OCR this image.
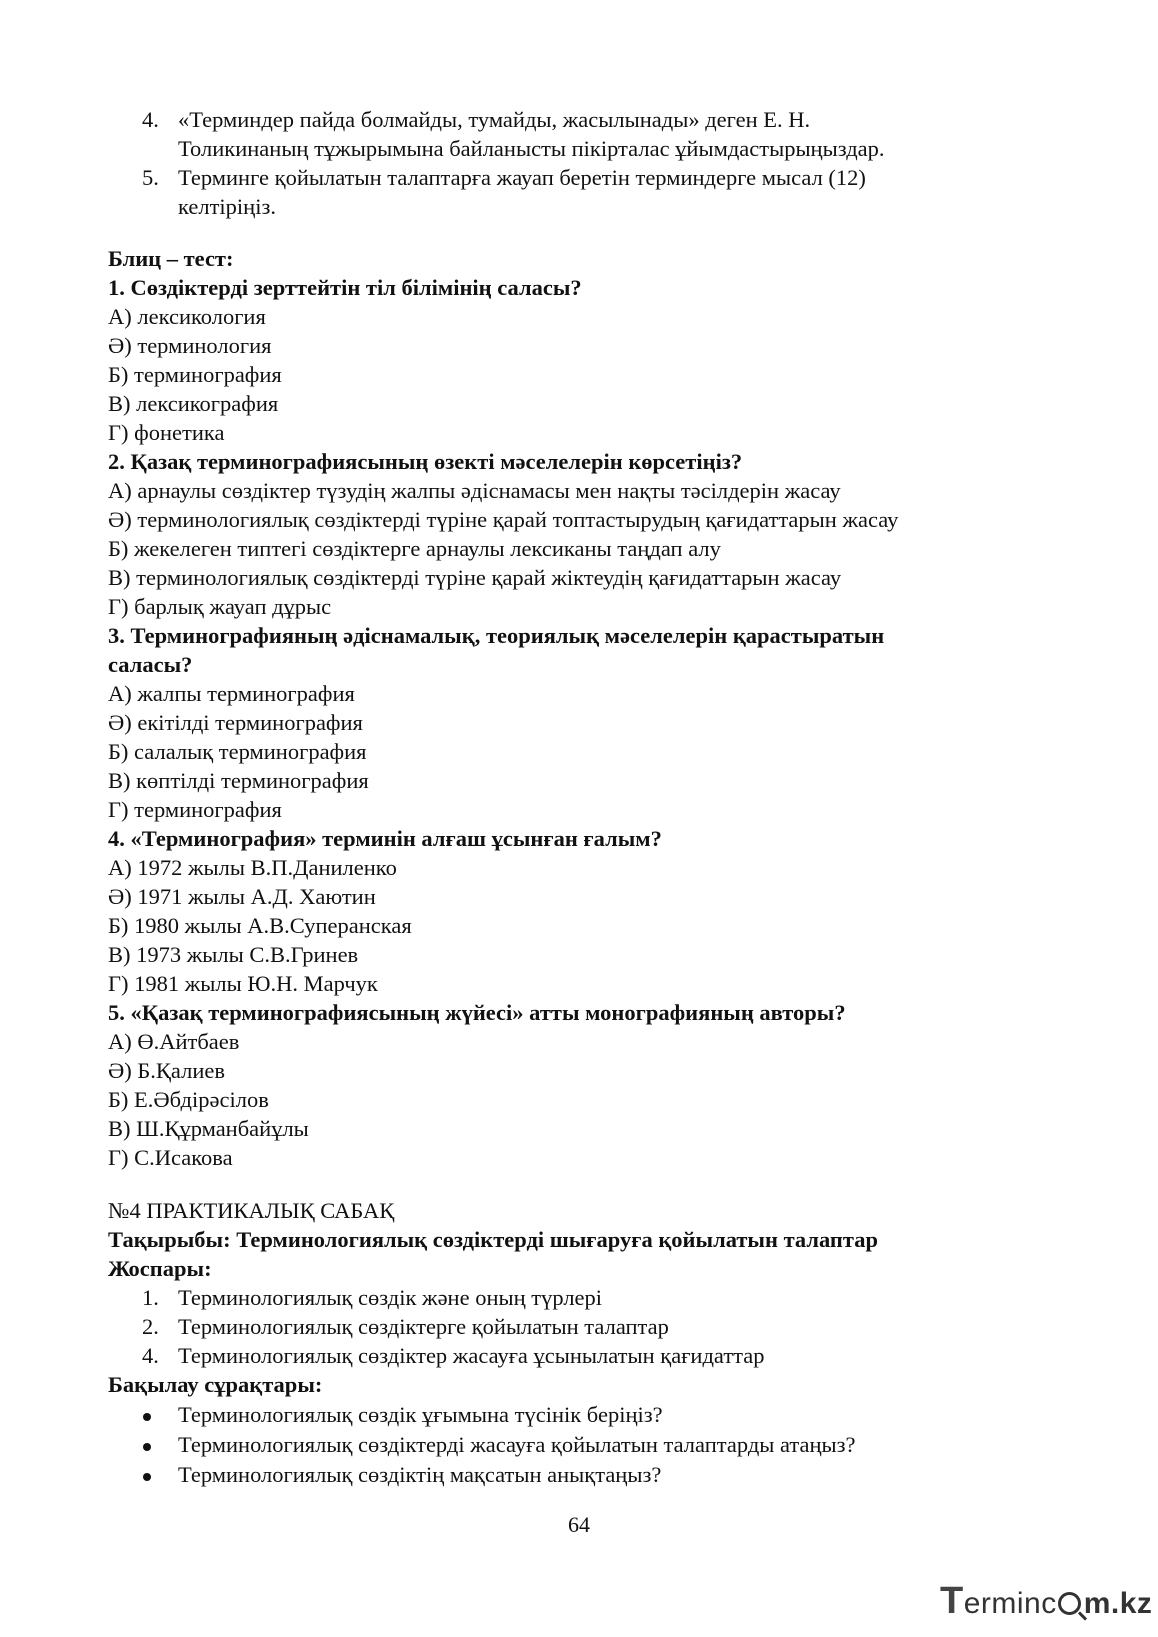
4. «Терминдер пайда болмайды, тумайды, жасылынады» деген Е. Н.
Толикинаның тұжырымына байланысты пікірталас ұйымдастырыңыздар.
5. Терминге қойылатын талаптарға жауап беретін терминдерге мысал (12)
келтіріңіз.
Блиц – тест:
1. Сөздіктерді зерттейтін тіл білімінің саласы?
А) лексикология
Ә) терминология
Б) терминография
В) лексикография
Г) фонетика
2. Қазақ терминографиясының өзекті мәселелерін көрсетіңіз?
А) арнаулы сөздіктер түзудің жалпы әдіснамасы мен нақты тәсілдерін жасау
Ә) терминологиялық сөздіктерді түріне қарай топтастырудың қағидаттарын жасау
Б) жекелеген типтегі сөздіктерге арнаулы лексиканы таңдап алу
В) терминологиялық сөздіктерді түріне қарай жіктеудің қағидаттарын жасау
Г) барлық жауап дұрыс
3. Терминографияның әдіснамалық, теориялық мәселелерін қарастыратын
саласы?
А) жалпы терминография
Ә) екітілді терминография
Б) салалық терминография
В) көптілді терминография
Г) терминография
4. «Терминография» терминін алғаш ұсынған ғалым?
А) 1972 жылы В.П.Даниленко
Ә) 1971 жылы А.Д. Хаютин
Б) 1980 жылы А.В.Суперанская
В) 1973 жылы С.В.Гринев
Г) 1981 жылы Ю.Н. Марчук
5. «Қазақ терминографиясының жүйесі» атты монографияның авторы?
А) Ө.Айтбаев
Ә) Б.Қалиев
Б) Е.Әбдірәсілов
В) Ш.Құрманбайұлы
Г) С.Исакова
№4 ПРАКТИКАЛЫҚ САБАҚ
Тақырыбы: Терминологиялық сөздіктерді шығаруға қойылатын талаптар
Жоспары:
1. Терминологиялық сөздік және оның түрлері
2. Терминологиялық сөздіктерге қойылатын талаптар
4. Терминологиялық сөздіктер жасауға ұсынылатын қағидаттар
Бақылау сұрақтары:
Терминологиялық сөздік ұғымына түсінік беріңіз?
Терминологиялық сөздіктерді жасауға қойылатын талаптарды атаңыз?
Терминологиялық сөздіктің мақсатын анықтаңыз?
64
Terminc m.kz
